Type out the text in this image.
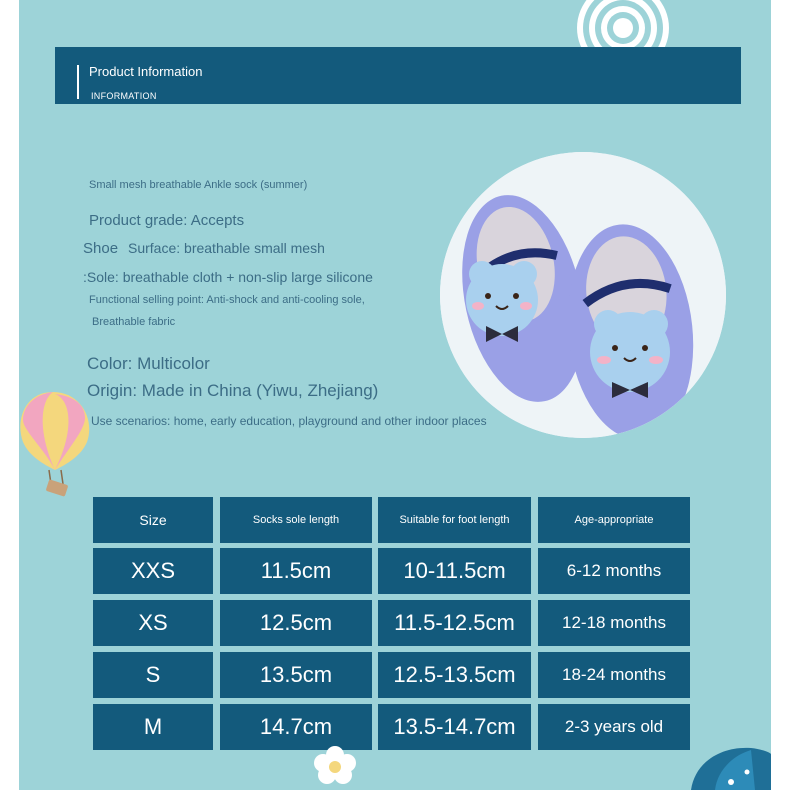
Product Information
INFORMATION
Small mesh breathable Ankle sock (summer)
Product grade: Accepts
Shoe Surface: breathable small mesh
:Sole: breathable cloth + non-slip large silicone
Functional selling point: Anti-shock and anti-cooling sole,
Breathable fabric
Color: Multicolor
Origin: Made in China (Yiwu, Zhejiang)
Use scenarios: home, early education, playground and other indoor places
Size	Socks sole length	Suitable for foot length	Age-appropriate
XXS	11.5cm	10-11.5cm	6-12 months
XS	12.5cm	11.5-12.5cm	12-18 months
S	13.5cm	12.5-13.5cm	18-24 months
M	14.7cm	13.5-14.7cm	2-3 years old
